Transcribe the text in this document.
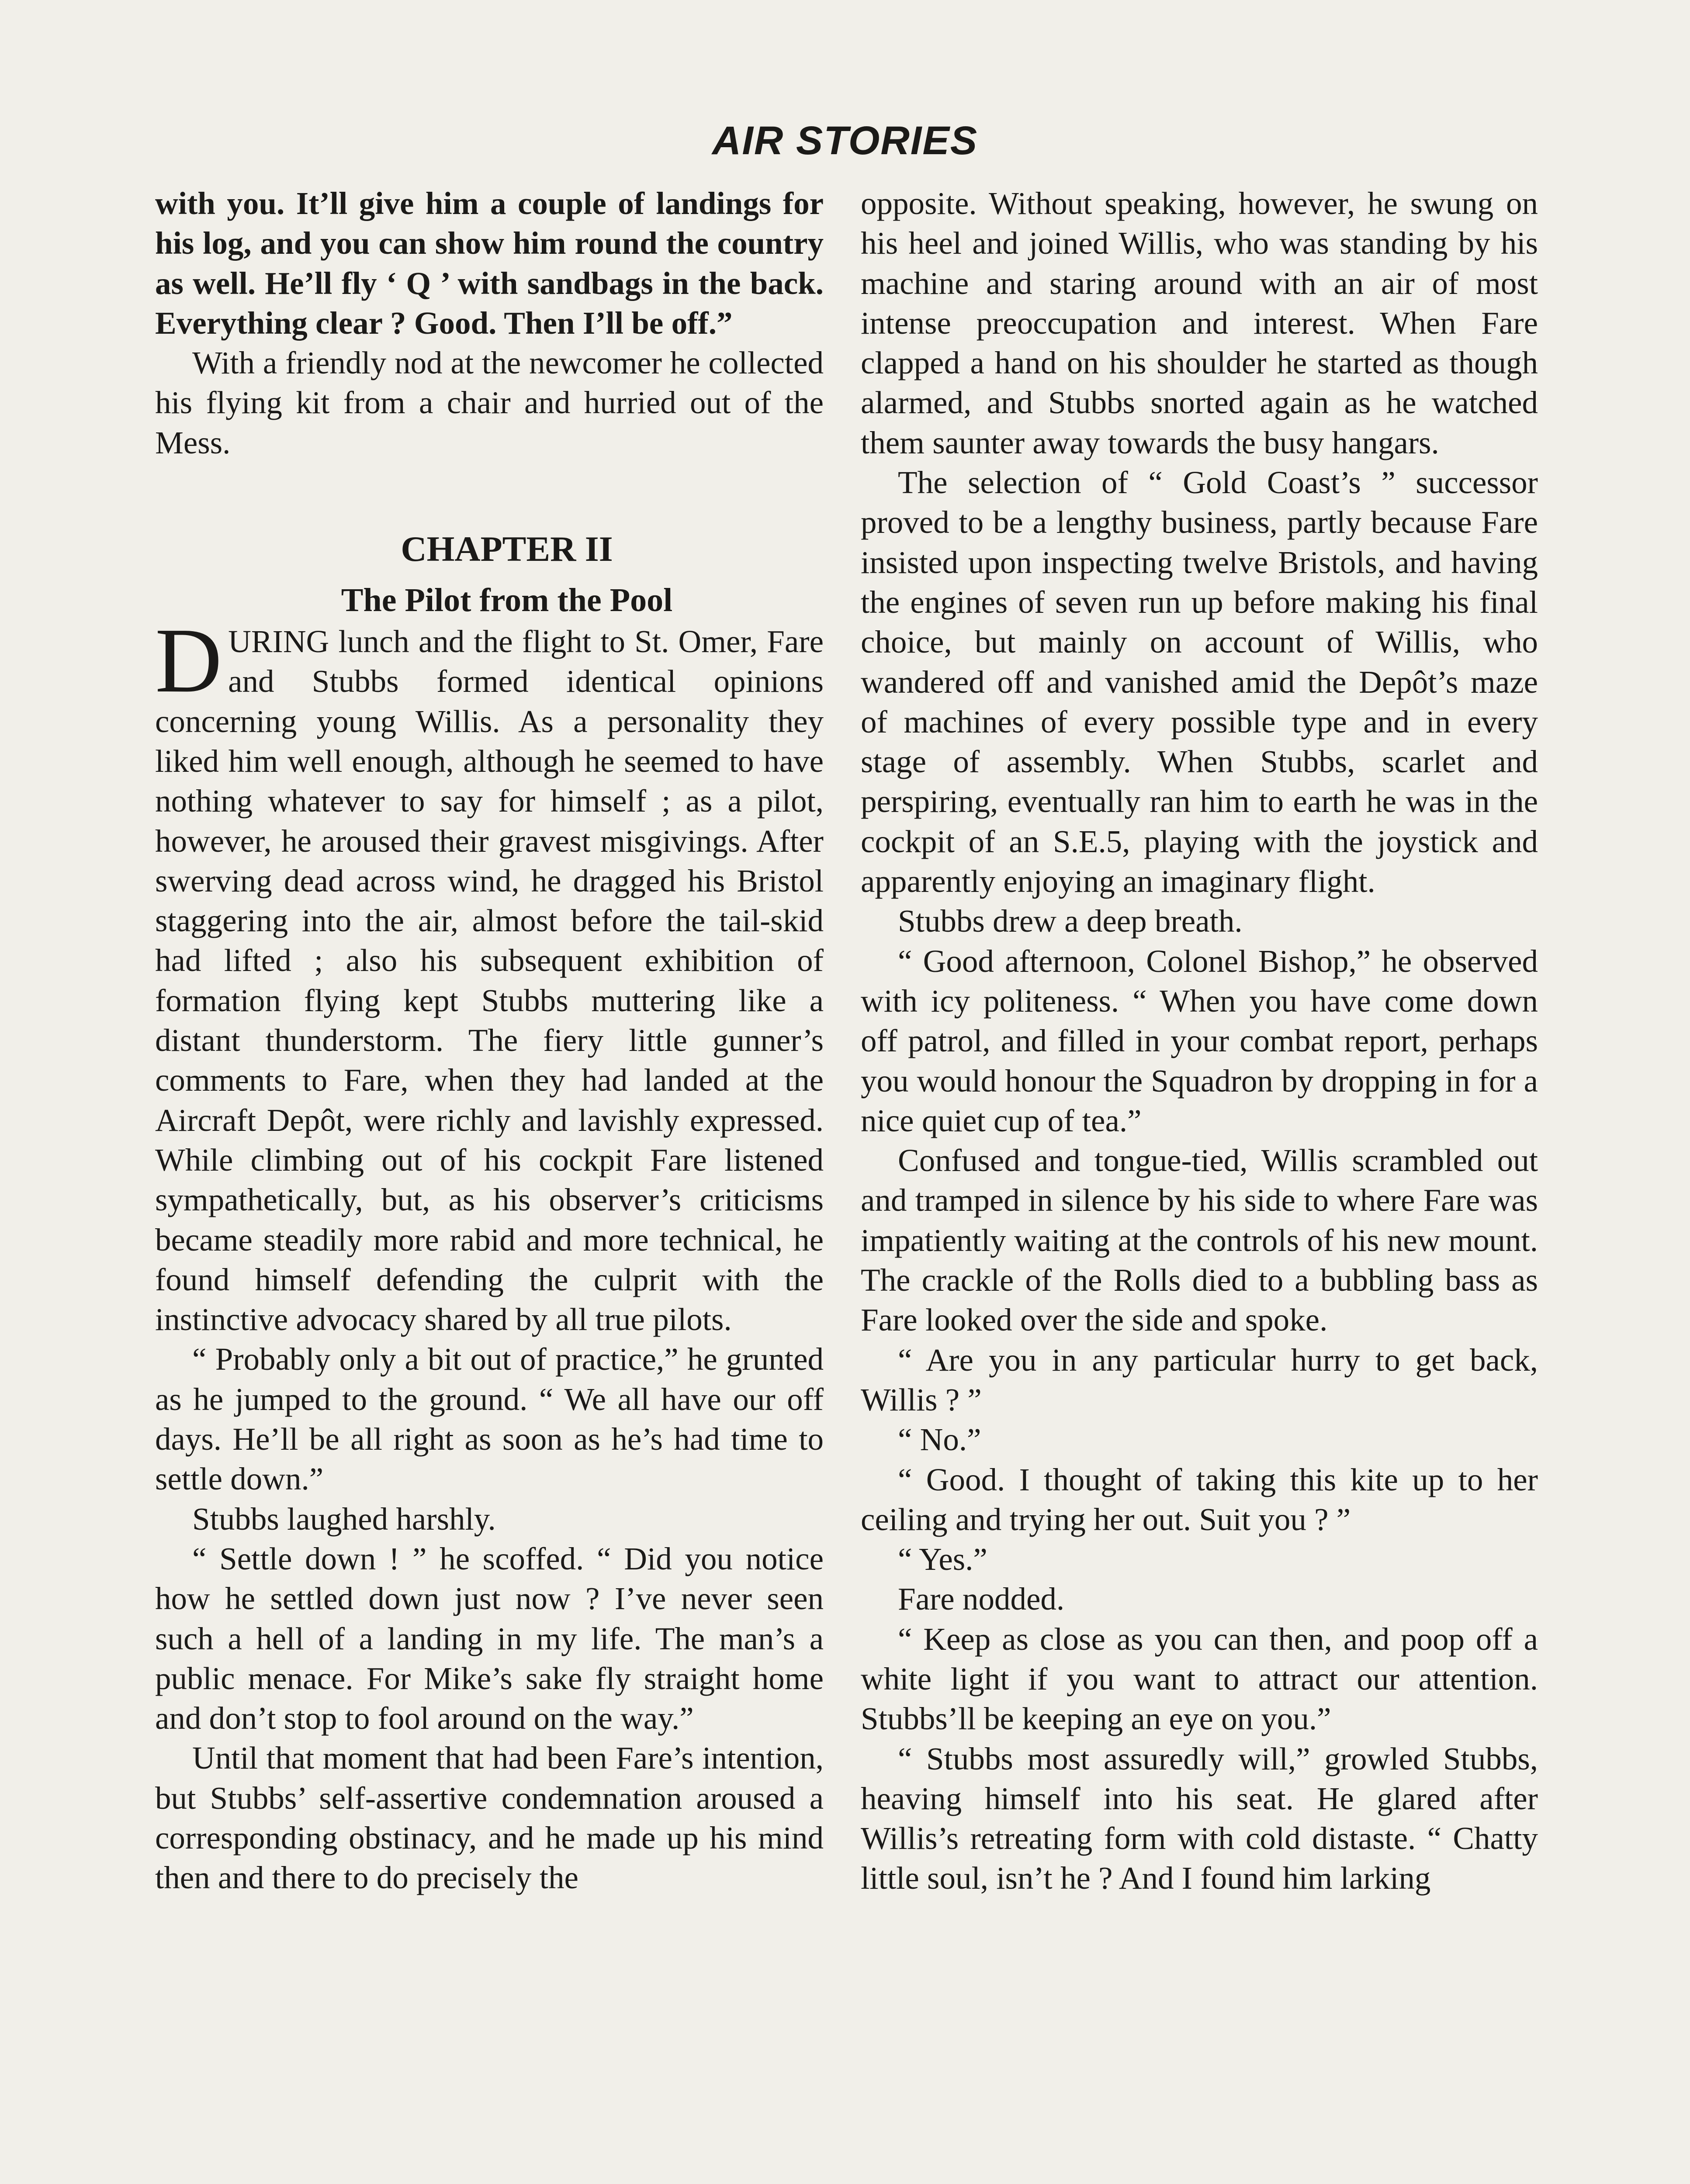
AIR STORIES

with you. It’ll give him a couple of landings for his log, and you can show him round the country as well. He’ll fly ‘ Q ’ with sandbags in the back. Everything clear ? Good. Then I’ll be off.”

With a friendly nod at the newcomer he collected his flying kit from a chair and hurried out of the Mess.

CHAPTER II
The Pilot from the Pool

DURING lunch and the flight to St. Omer, Fare and Stubbs formed identical opinions concerning young Willis. As a personality they liked him well enough, although he seemed to have nothing whatever to say for himself ; as a pilot, however, he aroused their gravest misgivings. After swerving dead across wind, he dragged his Bristol staggering into the air, almost before the tail-skid had lifted ; also his subsequent exhibition of formation flying kept Stubbs muttering like a distant thunderstorm. The fiery little gunner’s comments to Fare, when they had landed at the Aircraft Depôt, were richly and lavishly expressed. While climbing out of his cockpit Fare listened sympathetically, but, as his observer’s criticisms became steadily more rabid and more technical, he found himself defending the culprit with the instinctive advocacy shared by all true pilots.

“ Probably only a bit out of practice,” he grunted as he jumped to the ground. “ We all have our off days. He’ll be all right as soon as he’s had time to settle down.”

Stubbs laughed harshly.

“ Settle down ! ” he scoffed. “ Did you notice how he settled down just now ? I’ve never seen such a hell of a landing in my life. The man’s a public menace. For Mike’s sake fly straight home and don’t stop to fool around on the way.”

Until that moment that had been Fare’s intention, but Stubbs’ self-assertive condemnation aroused a corresponding obstinacy, and he made up his mind then and there to do precisely the

opposite. Without speaking, however, he swung on his heel and joined Willis, who was standing by his machine and staring around with an air of most intense preoccupation and interest. When Fare clapped a hand on his shoulder he started as though alarmed, and Stubbs snorted again as he watched them saunter away towards the busy hangars.

The selection of “ Gold Coast’s ” successor proved to be a lengthy business, partly because Fare insisted upon inspecting twelve Bristols, and having the engines of seven run up before making his final choice, but mainly on account of Willis, who wandered off and vanished amid the Depôt’s maze of machines of every possible type and in every stage of assembly. When Stubbs, scarlet and perspiring, eventually ran him to earth he was in the cockpit of an S.E.5, playing with the joystick and apparently enjoying an imaginary flight.

Stubbs drew a deep breath.

“ Good afternoon, Colonel Bishop,” he observed with icy politeness. “ When you have come down off patrol, and filled in your combat report, perhaps you would honour the Squadron by dropping in for a nice quiet cup of tea.”

Confused and tongue-tied, Willis scrambled out and tramped in silence by his side to where Fare was impatiently waiting at the controls of his new mount. The crackle of the Rolls died to a bubbling bass as Fare looked over the side and spoke.

“ Are you in any particular hurry to get back, Willis ? ”

“ No.”

“ Good. I thought of taking this kite up to her ceiling and trying her out. Suit you ? ”

“ Yes.”

Fare nodded.

“ Keep as close as you can then, and poop off a white light if you want to attract our attention. Stubbs’ll be keeping an eye on you.”

“ Stubbs most assuredly will,” growled Stubbs, heaving himself into his seat. He glared after Willis’s retreating form with cold distaste. “ Chatty little soul, isn’t he ? And I found him larking
